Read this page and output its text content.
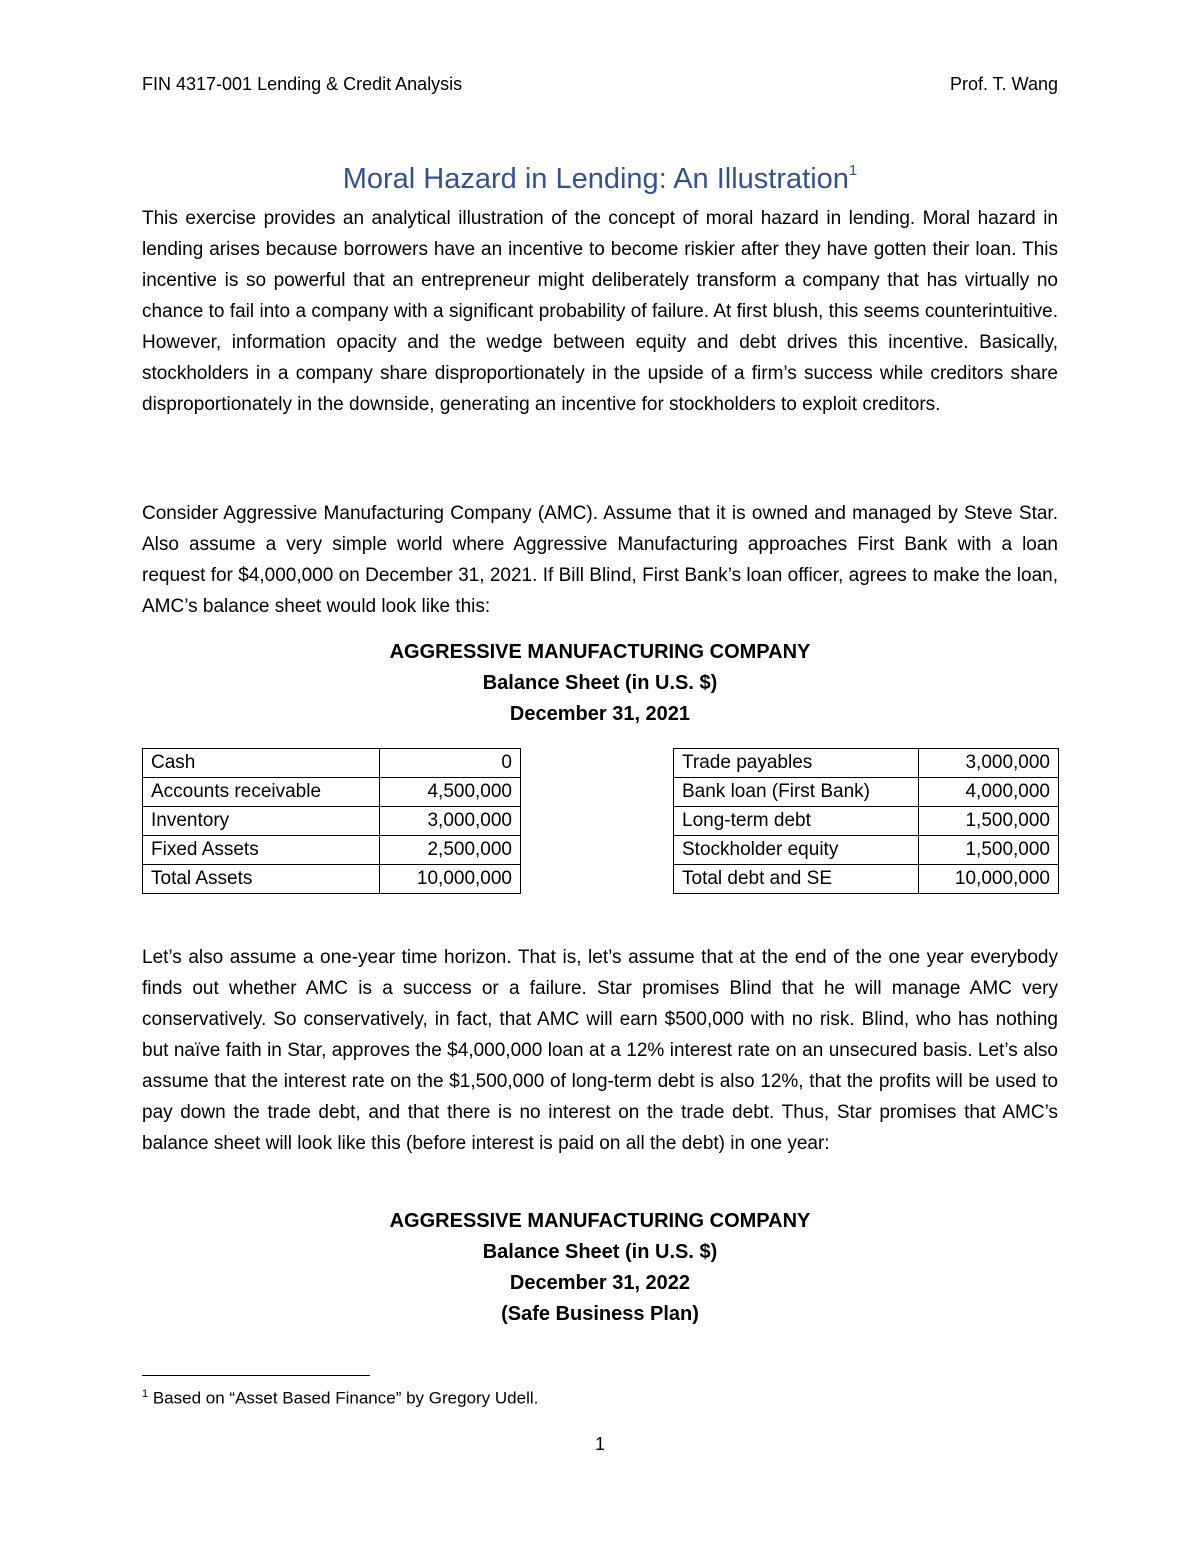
FIN 4317-001 Lending & Credit Analysis	Prof. T. Wang
Moral Hazard in Lending: An Illustration$^1$

This exercise provides an analytical illustration of the concept of moral hazard in lending. Moral hazard in lending arises because borrowers have an incentive to become riskier after they have gotten their loan. This incentive is so powerful that an entrepreneur might deliberately transform a company that has virtually no chance to fail into a company with a significant probability of failure. At first blush, this seems counterintuitive. However, information opacity and the wedge between equity and debt drives this incentive. Basically, stockholders in a company share disproportionately in the upside of a firm’s success while creditors share disproportionately in the downside, generating an incentive for stockholders to exploit creditors.

Consider Aggressive Manufacturing Company (AMC). Assume that it is owned and managed by Steve Star. Also assume a very simple world where Aggressive Manufacturing approaches First Bank with a loan request for $4,000,000 on December 31, 2021. If Bill Blind, First Bank’s loan officer, agrees to make the loan, AMC’s balance sheet would look like this:

AGGRESSIVE MANUFACTURING COMPANY
Balance Sheet (in U.S. $)
December 31, 2021
Cash	0
Accounts receivable	4,500,000
Inventory	3,000,000
Fixed Assets	2,500,000
Total Assets	10,000,000
Trade payables	3,000,000
Bank loan (First Bank)	4,000,000
Long-term debt	1,500,000
Stockholder equity	1,500,000
Total debt and SE	10,000,000

Let’s also assume a one-year time horizon. That is, let’s assume that at the end of the one year everybody finds out whether AMC is a success or a failure. Star promises Blind that he will manage AMC very conservatively. So conservatively, in fact, that AMC will earn $500,000 with no risk. Blind, who has nothing but naïve faith in Star, approves the $4,000,000 loan at a 12% interest rate on an unsecured basis. Let’s also assume that the interest rate on the $1,500,000 of long-term debt is also 12%, that the profits will be used to pay down the trade debt, and that there is no interest on the trade debt. Thus, Star promises that AMC’s balance sheet will look like this (before interest is paid on all the debt) in one year:

AGGRESSIVE MANUFACTURING COMPANY
Balance Sheet (in U.S. $)
December 31, 2022
(Safe Business Plan)
$^1$ Based on “Asset Based Finance” by Gregory Udell.
1
